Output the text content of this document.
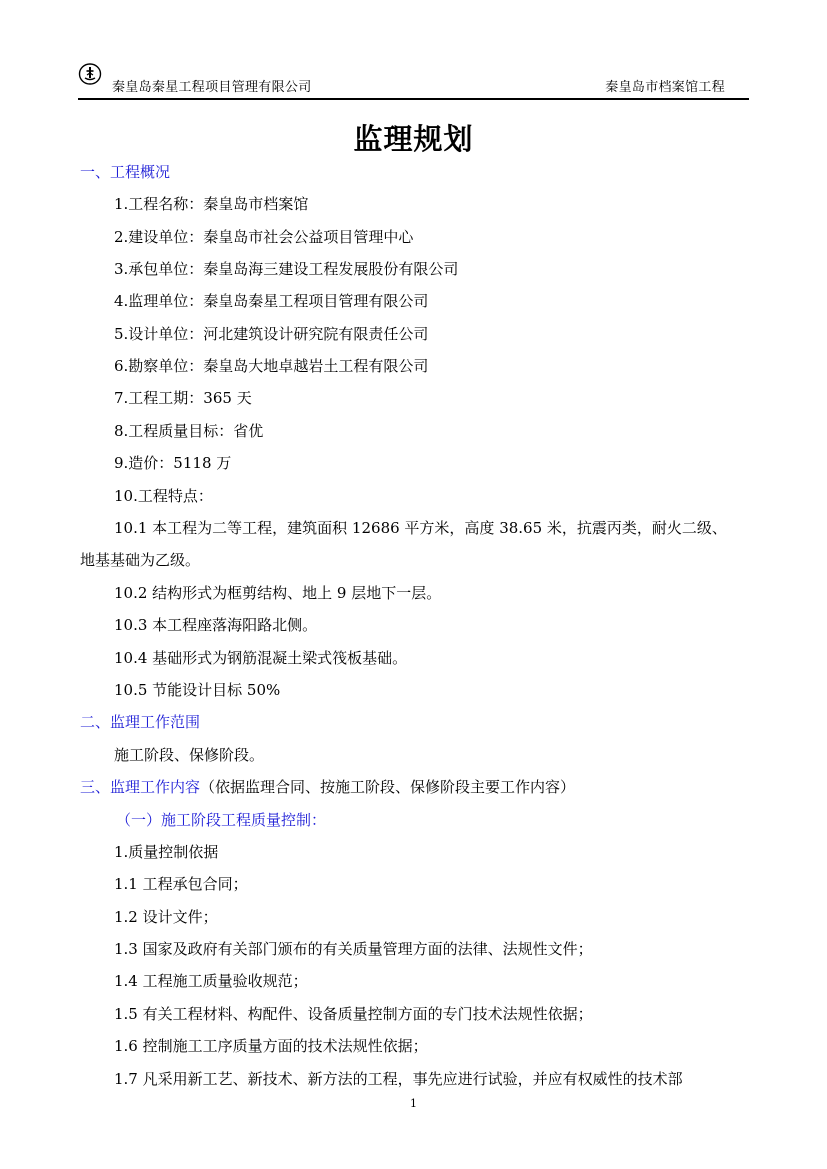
秦皇岛秦星工程项目管理有限公司	秦皇岛市档案馆工程
监理规划
一、工程概况
1.工程名称：秦皇岛市档案馆
2.建设单位：秦皇岛市社会公益项目管理中心
3.承包单位：秦皇岛海三建设工程发展股份有限公司
4.监理单位：秦皇岛秦星工程项目管理有限公司
5.设计单位：河北建筑设计研究院有限责任公司
6.勘察单位：秦皇岛大地卓越岩土工程有限公司
7.工程工期：365 天
8.工程质量目标：省优
9.造价：5118 万
10.工程特点：
10.1 本工程为二等工程，建筑面积 12686 平方米，高度 38.65 米，抗震丙类，耐火二级、
地基基础为乙级。
10.2 结构形式为框剪结构、地上 9 层地下一层。
10.3 本工程座落海阳路北侧。
10.4 基础形式为钢筋混凝土梁式筏板基础。
10.5 节能设计目标 50%
二、监理工作范围
施工阶段、保修阶段。
三、监理工作内容（依据监理合同、按施工阶段、保修阶段主要工作内容）
（一）施工阶段工程质量控制：
1.质量控制依据
1.1 工程承包合同；
1.2 设计文件；
1.3 国家及政府有关部门颁布的有关质量管理方面的法律、法规性文件；
1.4 工程施工质量验收规范；
1.5 有关工程材料、构配件、设备质量控制方面的专门技术法规性依据；
1.6 控制施工工序质量方面的技术法规性依据；
1.7 凡采用新工艺、新技术、新方法的工程，事先应进行试验，并应有权威性的技术部
1
